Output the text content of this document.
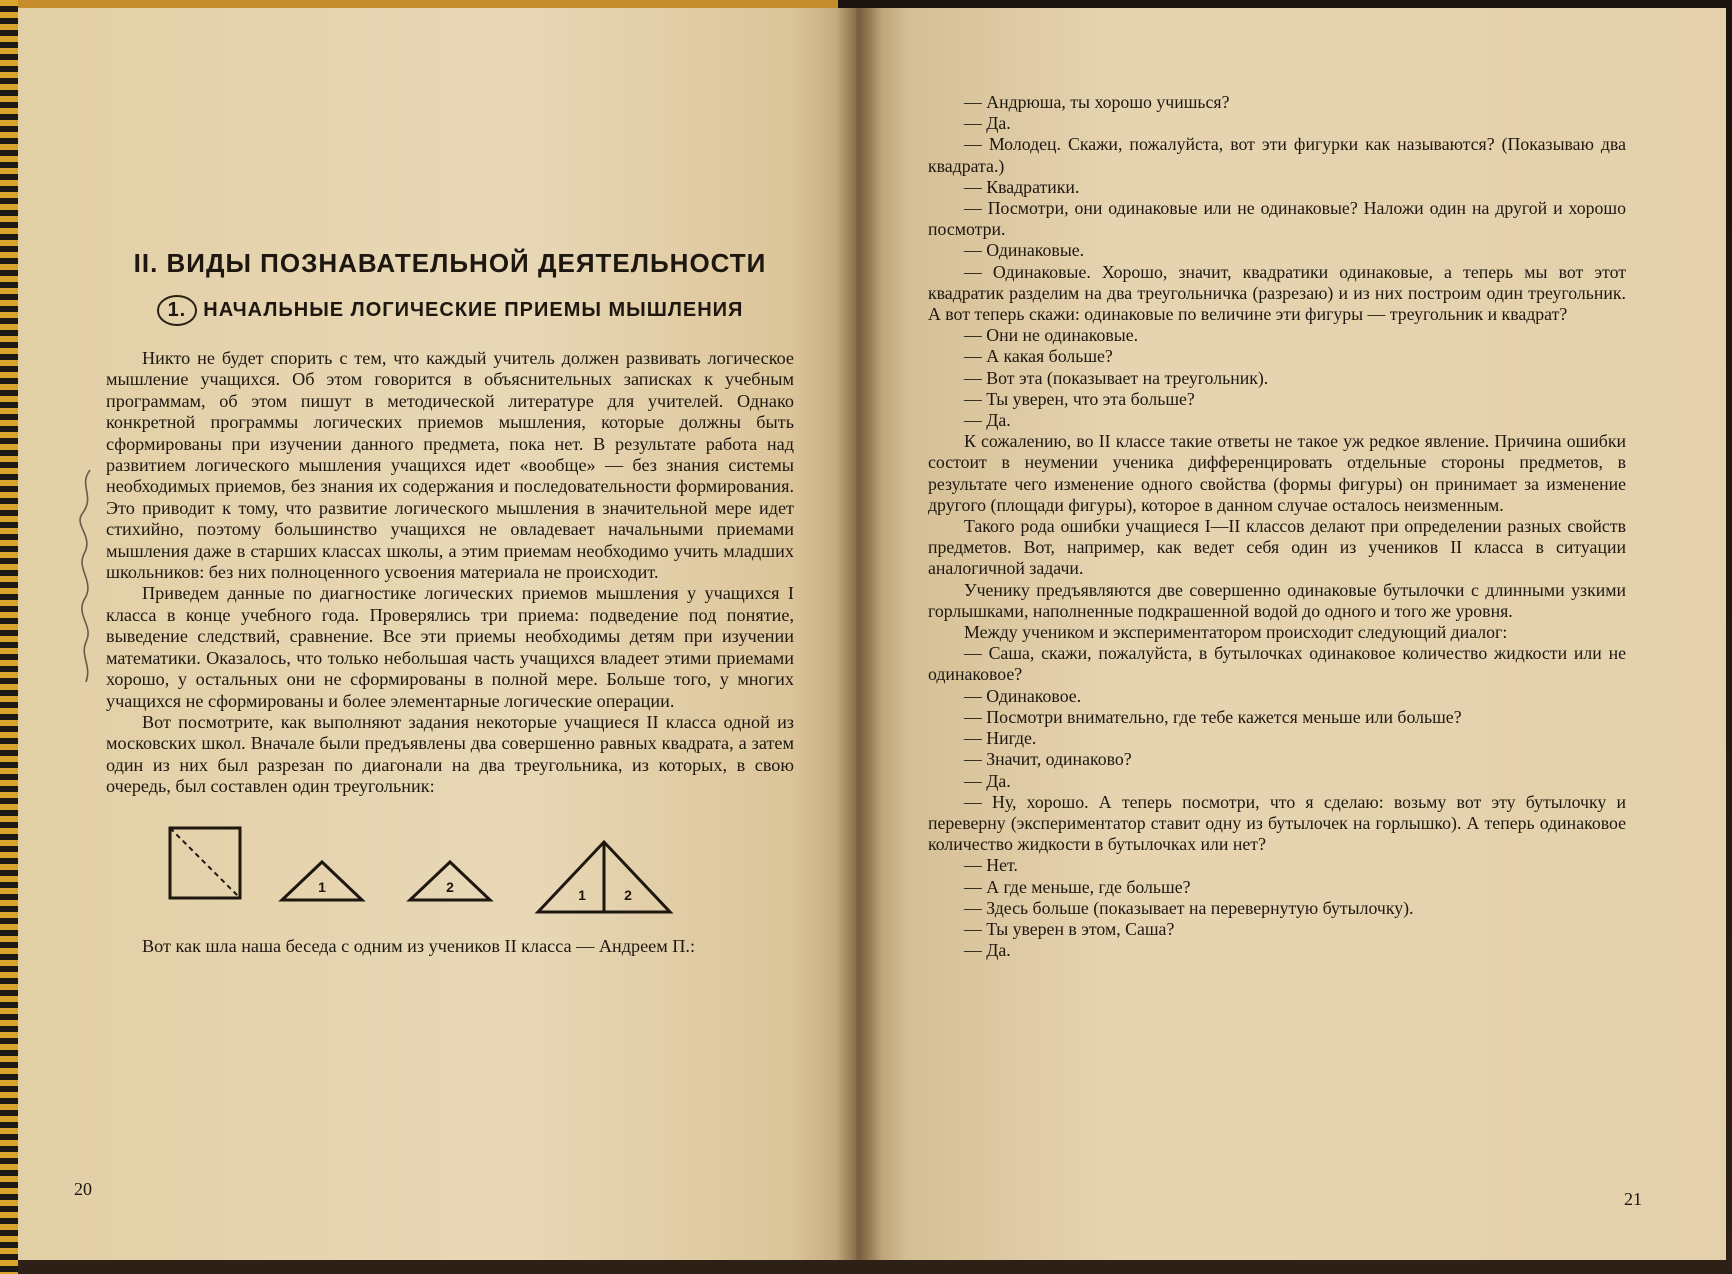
II. ВИДЫ ПОЗНАВАТЕЛЬНОЙ ДЕЯТЕЛЬНОСТИ
1. НАЧАЛЬНЫЕ ЛОГИЧЕСКИЕ ПРИЕМЫ МЫШЛЕНИЯ

Никто не будет спорить с тем, что каждый учитель должен развивать логическое мышление учащихся. Об этом говорится в объяснительных записках к учебным программам, об этом пишут в методической литературе для учителей. Однако конкретной программы логических приемов мышления, которые должны быть сформированы при изучении данного предмета, пока нет. В результате работа над развитием логического мышления учащихся идет «вообще» — без знания системы необходимых приемов, без знания их содержания и последовательности формирования. Это приводит к тому, что развитие логического мышления в значительной мере идет стихийно, поэтому большинство учащихся не овладевает начальными приемами мышления даже в старших классах школы, а этим приемам необходимо учить младших школьников: без них полноценного усвоения материала не происходит.

Приведем данные по диагностике логических приемов мышления у учащихся I класса в конце учебного года. Проверялись три приема: подведение под понятие, выведение следствий, сравнение. Все эти приемы необходимы детям при изучении математики. Оказалось, что только небольшая часть учащихся владеет этими приемами хорошо, у остальных они не сформированы в полной мере. Больше того, у многих учащихся не сформированы и более элементарные логические операции.

Вот посмотрите, как выполняют задания некоторые учащиеся II класса одной из московских школ. Вначале были предъявлены два совершенно равных квадрата, а затем один из них был разрезан по диагонали на два треугольника, из которых, в свою очередь, был составлен один треугольник:

1	2	1	2

Вот как шла наша беседа с одним из учеников II класса — Андреем П.:

20

— Андрюша, ты хорошо учишься?

— Да.

— Молодец. Скажи, пожалуйста, вот эти фигурки как называются? (Показываю два квадрата.)

— Квадратики.

— Посмотри, они одинаковые или не одинаковые? Наложи один на другой и хорошо посмотри.

— Одинаковые.

— Одинаковые. Хорошо, значит, квадратики одинаковые, а теперь мы вот этот квадратик разделим на два треугольничка (разрезаю) и из них построим один треугольник. А вот теперь скажи: одинаковые по величине эти фигуры — треугольник и квадрат?

— Они не одинаковые.

— А какая больше?

— Вот эта (показывает на треугольник).

— Ты уверен, что эта больше?

— Да.

К сожалению, во II классе такие ответы не такое уж редкое явление. Причина ошибки состоит в неумении ученика дифференцировать отдельные стороны предметов, в результате чего изменение одного свойства (формы фигуры) он принимает за изменение другого (площади фигуры), которое в данном случае осталось неизменным.

Такого рода ошибки учащиеся I—II классов делают при определении разных свойств предметов. Вот, например, как ведет себя один из учеников II класса в ситуации аналогичной задачи.

Ученику предъявляются две совершенно одинаковые бутылочки с длинными узкими горлышками, наполненные подкрашенной водой до одного и того же уровня.

Между учеником и экспериментатором происходит следующий диалог:

— Саша, скажи, пожалуйста, в бутылочках одинаковое количество жидкости или не одинаковое?

— Одинаковое.

— Посмотри внимательно, где тебе кажется меньше или больше?

— Нигде.

— Значит, одинаково?

— Да.

— Ну, хорошо. А теперь посмотри, что я сделаю: возьму вот эту бутылочку и переверну (экспериментатор ставит одну из бутылочек на горлышко). А теперь одинаковое количество жидкости в бутылочках или нет?

— Нет.

— А где меньше, где больше?

— Здесь больше (показывает на перевернутую бутылочку).

— Ты уверен в этом, Саша?

— Да.

21
